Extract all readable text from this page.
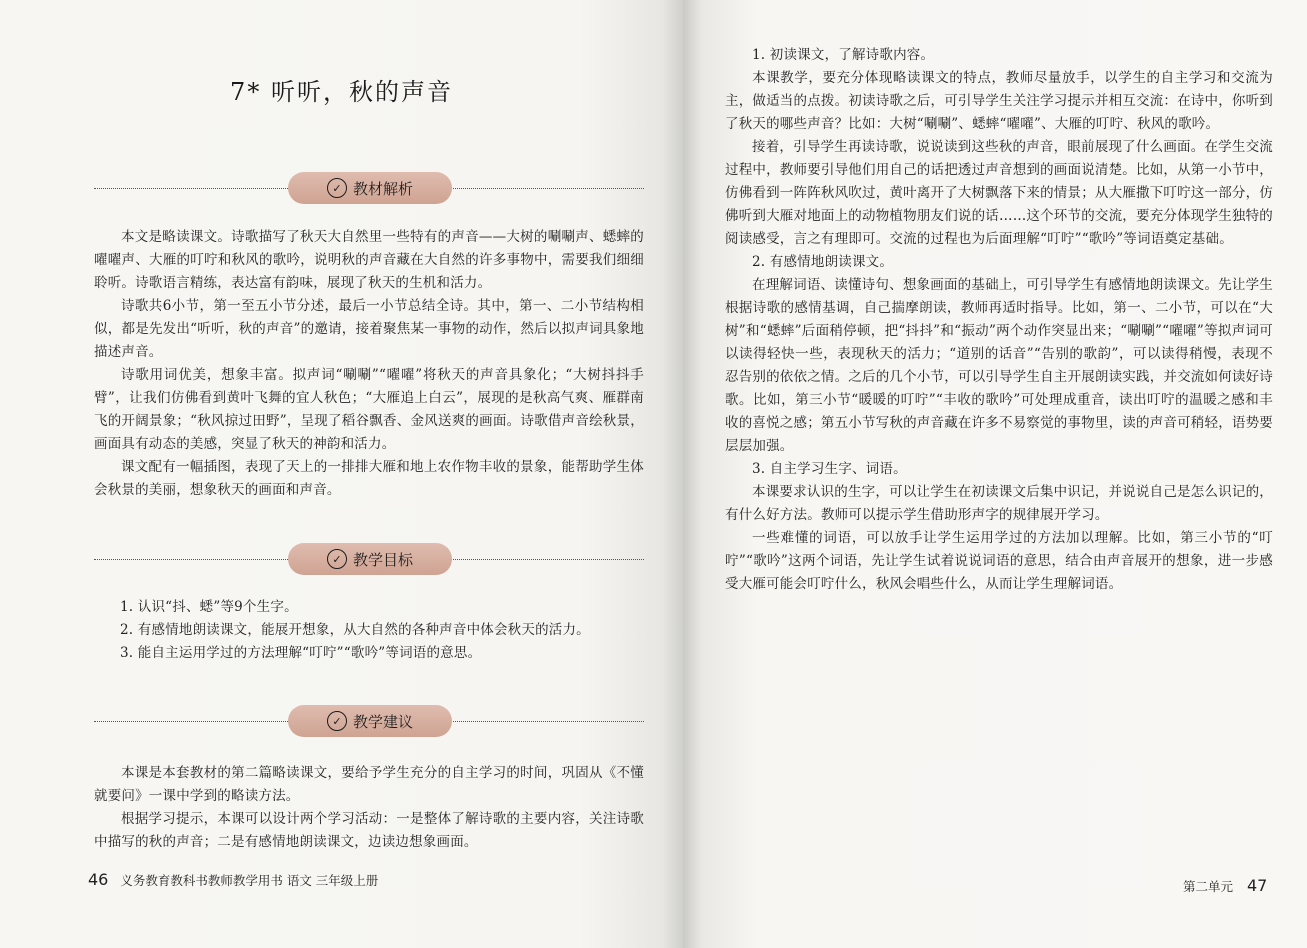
7* 听听，秋的声音
✓ 教材解析

本文是略读课文。诗歌描写了秋天大自然里一些特有的声音——大树的唰唰声、蟋蟀的嚁嚁声、大雁的叮咛和秋风的歌吟，说明秋的声音藏在大自然的许多事物中，需要我们细细聆听。诗歌语言精练，表达富有韵味，展现了秋天的生机和活力。

诗歌共6小节，第一至五小节分述，最后一小节总结全诗。其中，第一、二小节结构相似，都是先发出“听听，秋的声音”的邀请，接着聚焦某一事物的动作，然后以拟声词具象地描述声音。

诗歌用词优美，想象丰富。拟声词“唰唰”“嚁嚁”将秋天的声音具象化；“大树抖抖手臂”，让我们仿佛看到黄叶飞舞的宜人秋色；“大雁追上白云”，展现的是秋高气爽、雁群南飞的开阔景象；“秋风掠过田野”，呈现了稻谷飘香、金风送爽的画面。诗歌借声音绘秋景，画面具有动态的美感，突显了秋天的神韵和活力。

课文配有一幅插图，表现了天上的一排排大雁和地上农作物丰收的景象，能帮助学生体会秋景的美丽，想象秋天的画面和声音。

✓ 教学目标

1. 认识“抖、蟋”等9个生字。

2. 有感情地朗读课文，能展开想象，从大自然的各种声音中体会秋天的活力。

3. 能自主运用学过的方法理解“叮咛”“歌吟”等词语的意思。

✓ 教学建议

本课是本套教材的第二篇略读课文，要给予学生充分的自主学习的时间，巩固从《不懂就要问》一课中学到的略读方法。

根据学习提示，本课可以设计两个学习活动：一是整体了解诗歌的主要内容，关注诗歌中描写的秋的声音；二是有感情地朗读课文，边读边想象画面。

46 义务教育教科书教师教学用书 语文 三年级上册

1. 初读课文，了解诗歌内容。

本课教学，要充分体现略读课文的特点，教师尽量放手，以学生的自主学习和交流为主，做适当的点拨。初读诗歌之后，可引导学生关注学习提示并相互交流：在诗中，你听到了秋天的哪些声音？比如：大树“唰唰”、蟋蟀“嚁嚁”、大雁的叮咛、秋风的歌吟。

接着，引导学生再读诗歌，说说读到这些秋的声音，眼前展现了什么画面。在学生交流过程中，教师要引导他们用自己的话把透过声音想到的画面说清楚。比如，从第一小节中，仿佛看到一阵阵秋风吹过，黄叶离开了大树飘落下来的情景；从大雁撒下叮咛这一部分，仿佛听到大雁对地面上的动物植物朋友们说的话……这个环节的交流，要充分体现学生独特的阅读感受，言之有理即可。交流的过程也为后面理解“叮咛”“歌吟”等词语奠定基础。

2. 有感情地朗读课文。

在理解词语、读懂诗句、想象画面的基础上，可引导学生有感情地朗读课文。先让学生根据诗歌的感情基调，自己揣摩朗读，教师再适时指导。比如，第一、二小节，可以在“大树”和“蟋蟀”后面稍停顿，把“抖抖”和“振动”两个动作突显出来；“唰唰”“嚁嚁”等拟声词可以读得轻快一些，表现秋天的活力；“道别的话音”“告别的歌韵”，可以读得稍慢，表现不忍告别的依依之情。之后的几个小节，可以引导学生自主开展朗读实践，并交流如何读好诗歌。比如，第三小节“暖暖的叮咛”“丰收的歌吟”可处理成重音，读出叮咛的温暖之感和丰收的喜悦之感；第五小节写秋的声音藏在许多不易察觉的事物里，读的声音可稍轻，语势要层层加强。

3. 自主学习生字、词语。

本课要求认识的生字，可以让学生在初读课文后集中识记，并说说自己是怎么识记的，有什么好方法。教师可以提示学生借助形声字的规律展开学习。

一些难懂的词语，可以放手让学生运用学过的方法加以理解。比如，第三小节的“叮咛”“歌吟”这两个词语，先让学生试着说说词语的意思，结合由声音展开的想象，进一步感受大雁可能会叮咛什么，秋风会唱些什么，从而让学生理解词语。

第二单元 47
